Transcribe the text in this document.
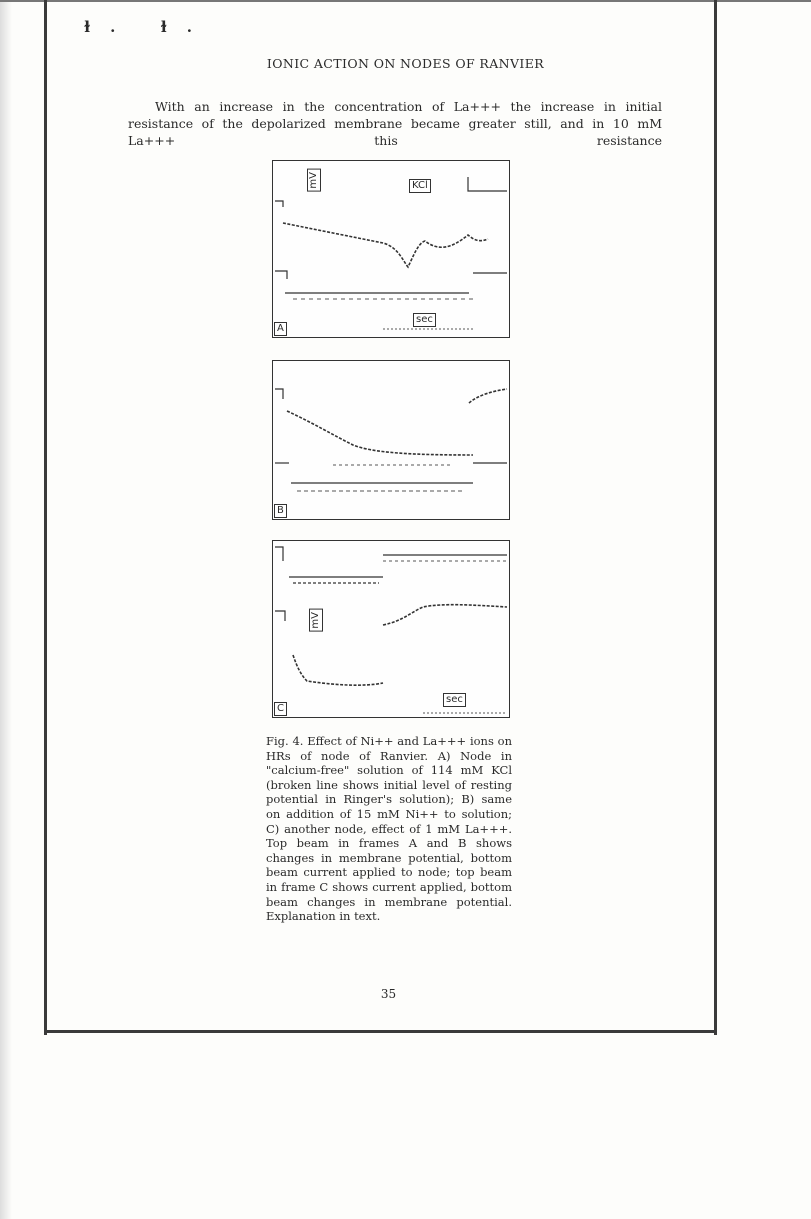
ɫ. ɫ.
IONIC ACTION ON NODES OF RANVIER

With an increase in the concentration of La+++ the increase in initial resistance of the depolarized membrane became greater still, and in 10 mM La+++ this resistance

mV	KCl
sec
A
B
mV
sec
C
Fig. 4. Effect of Ni++ and La+++ ions on HRs of node of Ranvier. A) Node in "calcium-free" solution of 114 mM KCl (broken line shows initial level of resting potential in Ringer's solution); B) same on addition of 15 mM Ni++ to solution; C) another node, effect of 1 mM La+++. Top beam in frames A and B shows changes in membrane potential, bottom beam current applied to node; top beam in frame C shows current applied, bottom beam changes in membrane potential. Explanation in text.
35
